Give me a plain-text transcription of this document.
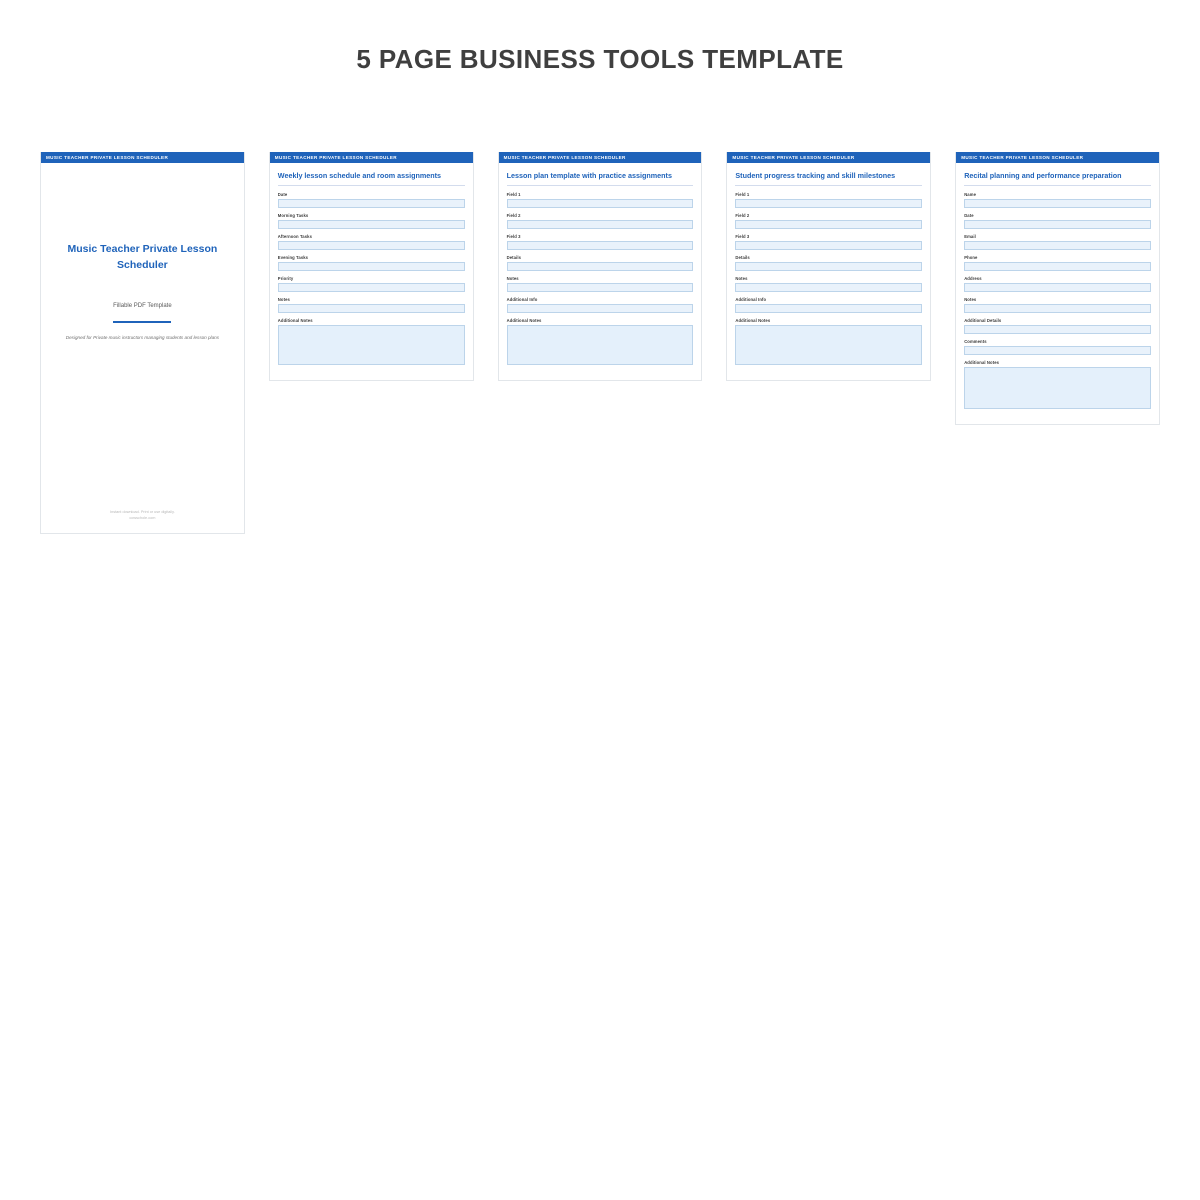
5 PAGE BUSINESS TOOLS TEMPLATE
MUSIC TEACHER PRIVATE LESSON SCHEDULER
Music Teacher Private Lesson Scheduler
Fillable PDF Template
Designed for Private music instructors managing students and lesson plans
Instant download. Print or use digitally.
cowschole.com
MUSIC TEACHER PRIVATE LESSON SCHEDULER
Weekly lesson schedule and room assignments
Date
Morning Tasks
Afternoon Tasks
Evening Tasks
Priority
Notes
Additional Notes
MUSIC TEACHER PRIVATE LESSON SCHEDULER
Lesson plan template with practice assignments
Field 1
Field 2
Field 3
Details
Notes
Additional Info
Additional Notes
MUSIC TEACHER PRIVATE LESSON SCHEDULER
Student progress tracking and skill milestones
Field 1
Field 2
Field 3
Details
Notes
Additional Info
Additional Notes
MUSIC TEACHER PRIVATE LESSON SCHEDULER
Recital planning and performance preparation
Name
Date
Email
Phone
Address
Notes
Additional Details
Comments
Additional Notes
